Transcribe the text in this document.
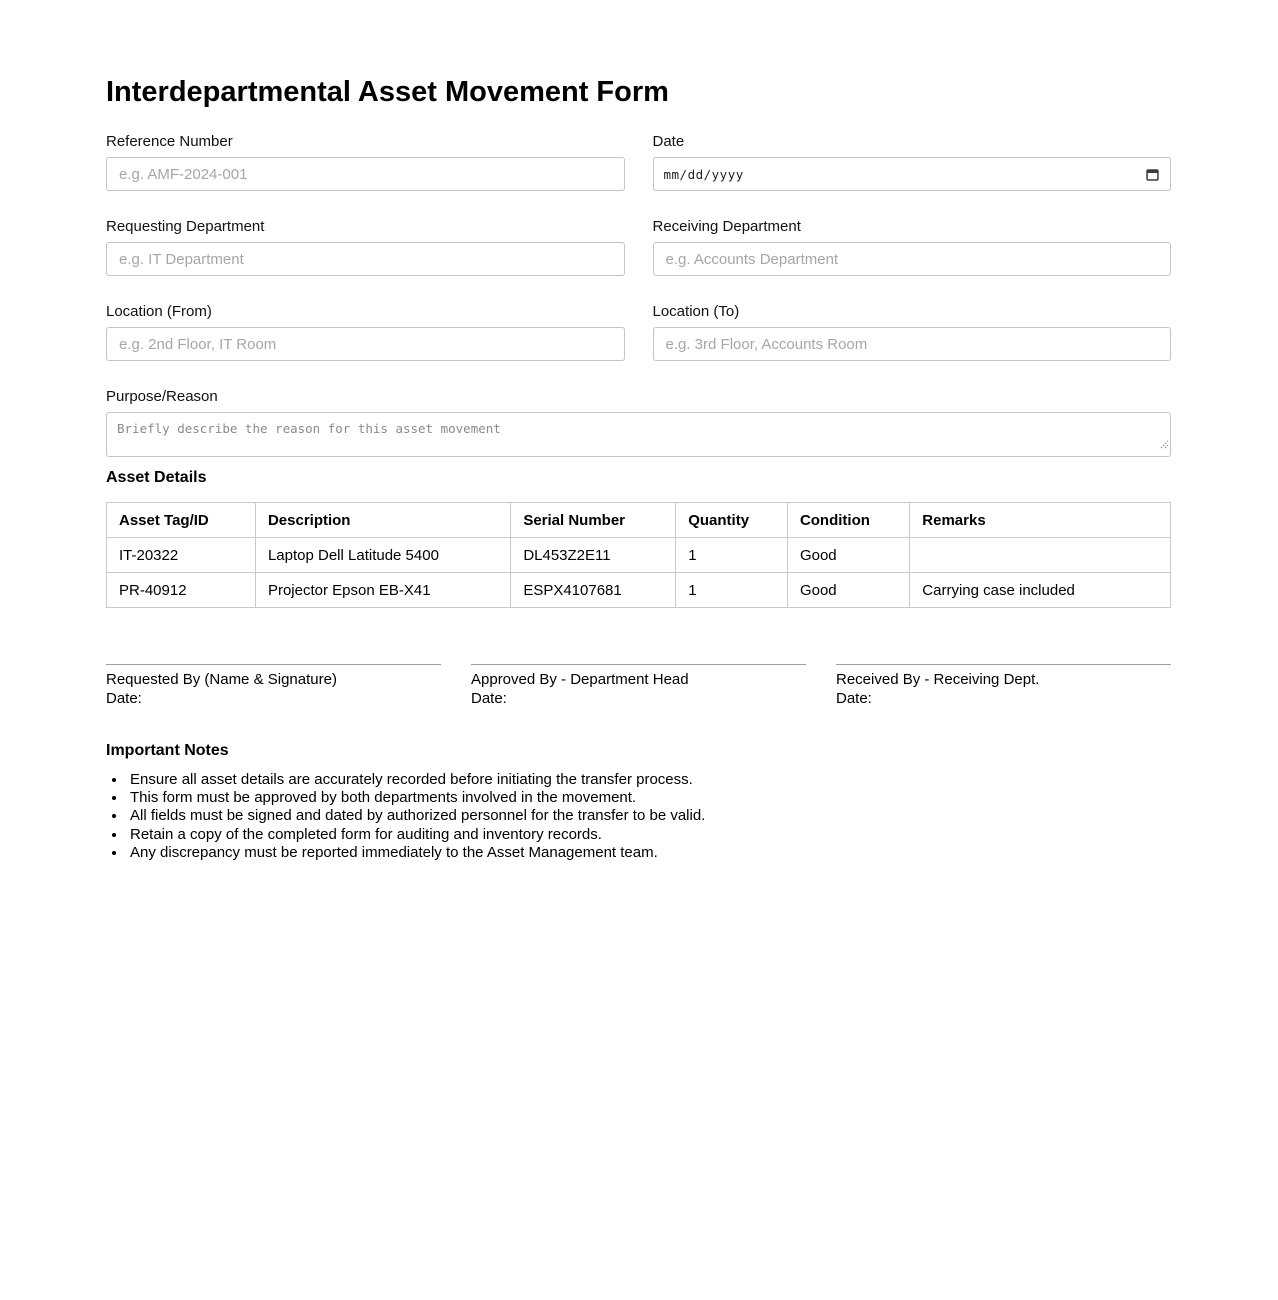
Interdepartmental Asset Movement Form
Reference Number
e.g. AMF-2024-001	Date
mm/dd/yyyy
Requesting Department
e.g. IT Department	Receiving Department
e.g. Accounts Department
Location (From)
e.g. 2nd Floor, IT Room	Location (To)
e.g. 3rd Floor, Accounts Room
Purpose/Reason
Briefly describe the reason for this asset movement
Asset Details
Asset Tag/ID	Description	Serial Number	Quantity	Condition	Remarks
IT-20322	Laptop Dell Latitude 5400	DL453Z2E11	1	Good	
PR-40912	Projector Epson EB-X41	ESPX4107681	1	Good	Carrying case included

Requested By (Name & Signature)

Date:

Approved By - Department Head

Date:

Received By - Receiving Dept.

Date:

Important Notes
• Ensure all asset details are accurately recorded before initiating the transfer process.
• This form must be approved by both departments involved in the movement.
• All fields must be signed and dated by authorized personnel for the transfer to be valid.
• Retain a copy of the completed form for auditing and inventory records.
• Any discrepancy must be reported immediately to the Asset Management team.
